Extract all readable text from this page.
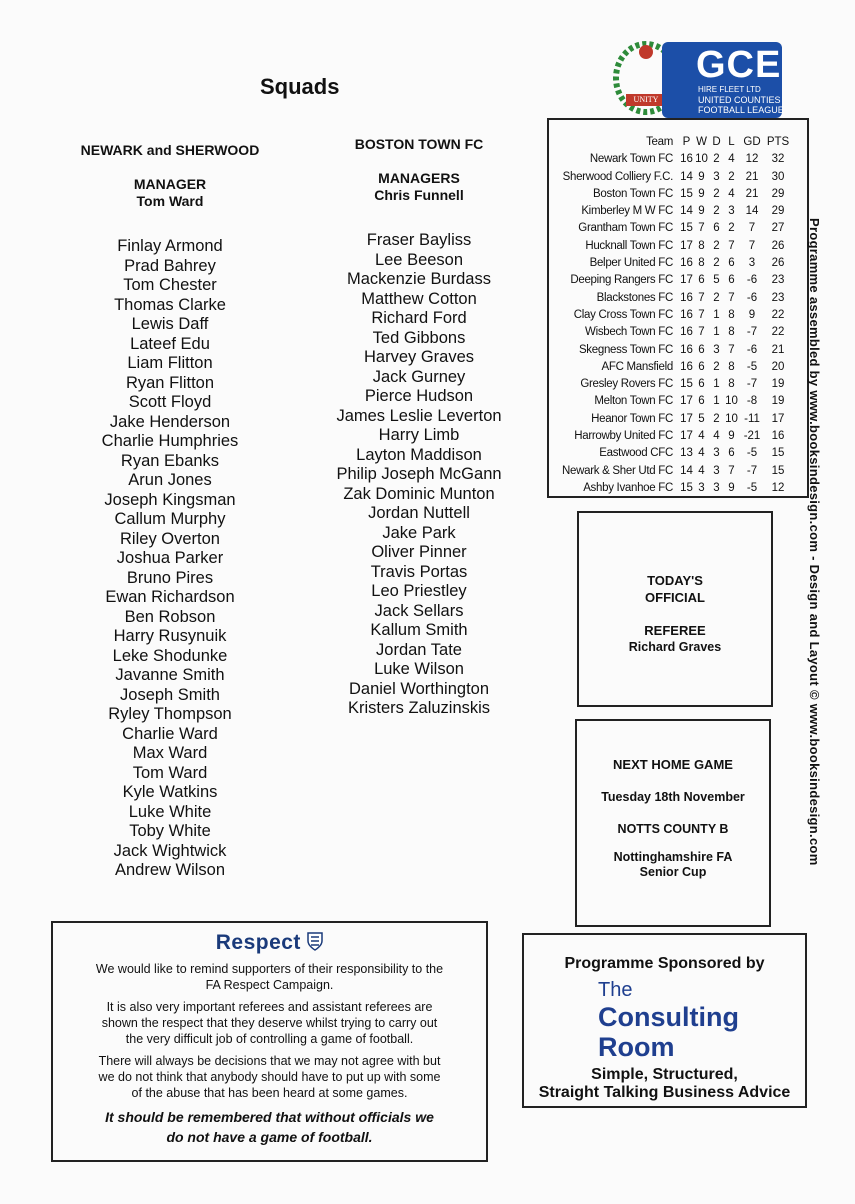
Squads
NEWARK and SHERWOOD
MANAGER
Tom Ward
Finlay Armond
Prad Bahrey
Tom Chester
Thomas Clarke
Lewis Daff
Lateef Edu
Liam Flitton
Ryan Flitton
Scott Floyd
Jake Henderson
Charlie Humphries
Ryan Ebanks
Arun Jones
Joseph Kingsman
Callum Murphy
Riley Overton
Joshua Parker
Bruno Pires
Ewan Richardson
Ben Robson
Harry Rusynuik
Leke Shodunke
Javanne Smith
Joseph Smith
Ryley Thompson
Charlie Ward
Max Ward
Tom Ward
Kyle Watkins
Luke White
Toby White
Jack Wightwick
Andrew Wilson
BOSTON TOWN FC
MANAGERS
Chris Funnell
Fraser Bayliss
Lee Beeson
Mackenzie Burdass
Matthew Cotton
Richard Ford
Ted Gibbons
Harvey Graves
Jack Gurney
Pierce Hudson
James Leslie Leverton
Harry Limb
Layton Maddison
Philip Joseph McGann
Zak Dominic Munton
Jordan Nuttell
Jake Park
Oliver Pinner
Travis Portas
Leo Priestley
Jack Sellars
Kallum Smith
Jordan Tate
Luke Wilson
Daniel Worthington
Kristers Zaluzinskis
UNITY
GCE
HIRE FLEET LTD
UNITED COUNTIES
FOOTBALL LEAGUE
Team	P	W	D	L	GD	PTS
Newark Town FC	16	10	2	4	12	32
Sherwood Colliery F.C.	14	9	3	2	21	30
Boston Town FC	15	9	2	4	21	29
Kimberley M W FC	14	9	2	3	14	29
Grantham Town FC	15	7	6	2	7	27
Hucknall Town FC	17	8	2	7	7	26
Belper United FC	16	8	2	6	3	26
Deeping Rangers FC	17	6	5	6	-6	23
Blackstones FC	16	7	2	7	-6	23
Clay Cross Town FC	16	7	1	8	9	22
Wisbech Town FC	16	7	1	8	-7	22
Skegness Town FC	16	6	3	7	-6	21
AFC Mansfield	16	6	2	8	-5	20
Gresley Rovers FC	15	6	1	8	-7	19
Melton Town FC	17	6	1	10	-8	19
Heanor Town FC	17	5	2	10	-11	17
Harrowby United FC	17	4	4	9	-21	16
Eastwood CFC	13	4	3	6	-5	15
Newark & Sher Utd FC	14	4	3	7	-7	15
Ashby Ivanhoe FC	15	3	3	9	-5	12
TODAY'S
OFFICIAL
REFEREE
Richard Graves
NEXT HOME GAME
Tuesday 18th November
NOTTS COUNTY B
Nottinghamshire FA
Senior Cup
Respect

We would like to remind supporters of their responsibility to the

FA Respect Campaign.

It is also very important referees and assistant referees are

shown the respect that they deserve whilst trying to carry out

the very difficult job of controlling a game of football.

There will always be decisions that we may not agree with but

we do not think that anybody should have to put up with some

of the abuse that has been heard at some games.

It should be remembered that without officials we

do not have a game of football.

Programme Sponsored by
The
Consulting
Room
Simple, Structured,
Straight Talking Business Advice
Programme assembled by www.booksindesign.com - Design and Layout © www.booksindesign.com
